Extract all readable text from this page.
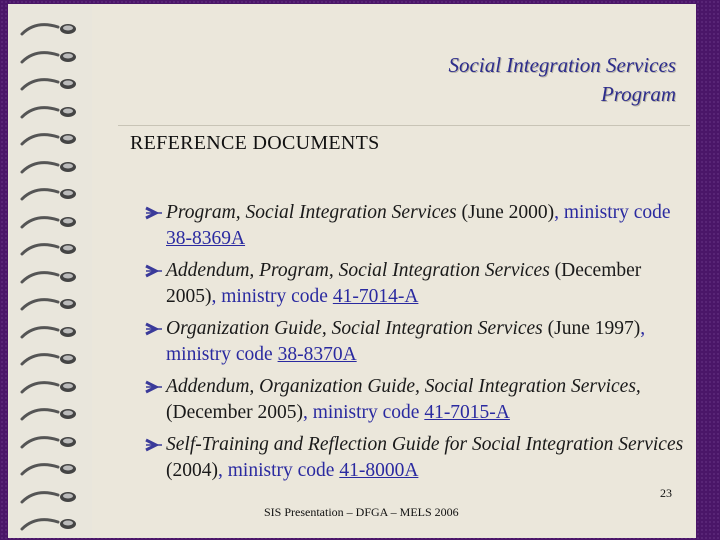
Social Integration Services
Program
REFERENCE DOCUMENTS
Program, Social Integration Services (June 2000), ministry code 38-8369A
Addendum, Program, Social Integration Services (December 2005), ministry code 41-7014-A
Organization Guide, Social Integration Services (June 1997), ministry code 38-8370A
Addendum, Organization Guide, Social Integration Services, (December 2005), ministry code 41-7015-A
Self-Training and Reflection Guide for Social Integration Services (2004), ministry code 41-8000A
23
SIS Presentation – DFGA – MELS 2006
